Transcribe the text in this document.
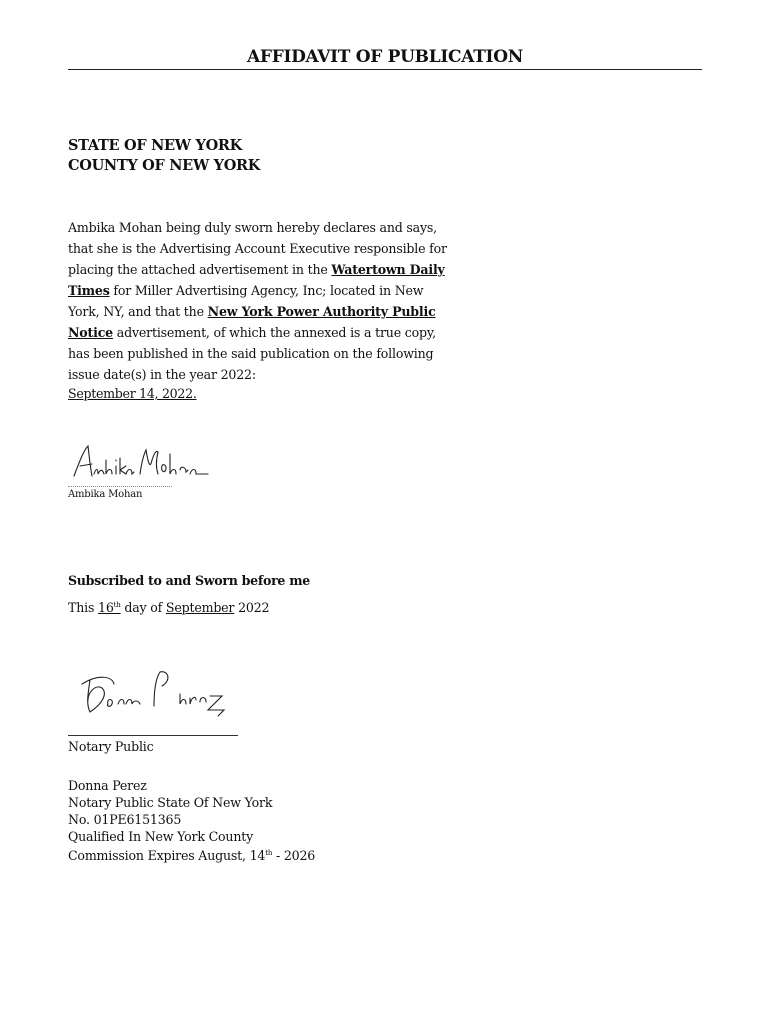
AFFIDAVIT OF PUBLICATION
STATE OF NEW YORK
COUNTY OF NEW YORK
Ambika Mohan being duly sworn hereby declares and says, that she is the Advertising Account Executive responsible for placing the attached advertisement in the Watertown Daily Times for Miller Advertising Agency, Inc; located in New York, NY, and that the New York Power Authority Public Notice advertisement, of which the annexed is a true copy, has been published in the said publication on the following issue date(s) in the year 2022:
September 14, 2022.
Ambika Mohan
Subscribed to and Sworn before me
This 16th day of September 2022
Notary Public
Donna Perez
Notary Public State Of New York
No. 01PE6151365
Qualified In New York County
Commission Expires August, 14th - 2026
